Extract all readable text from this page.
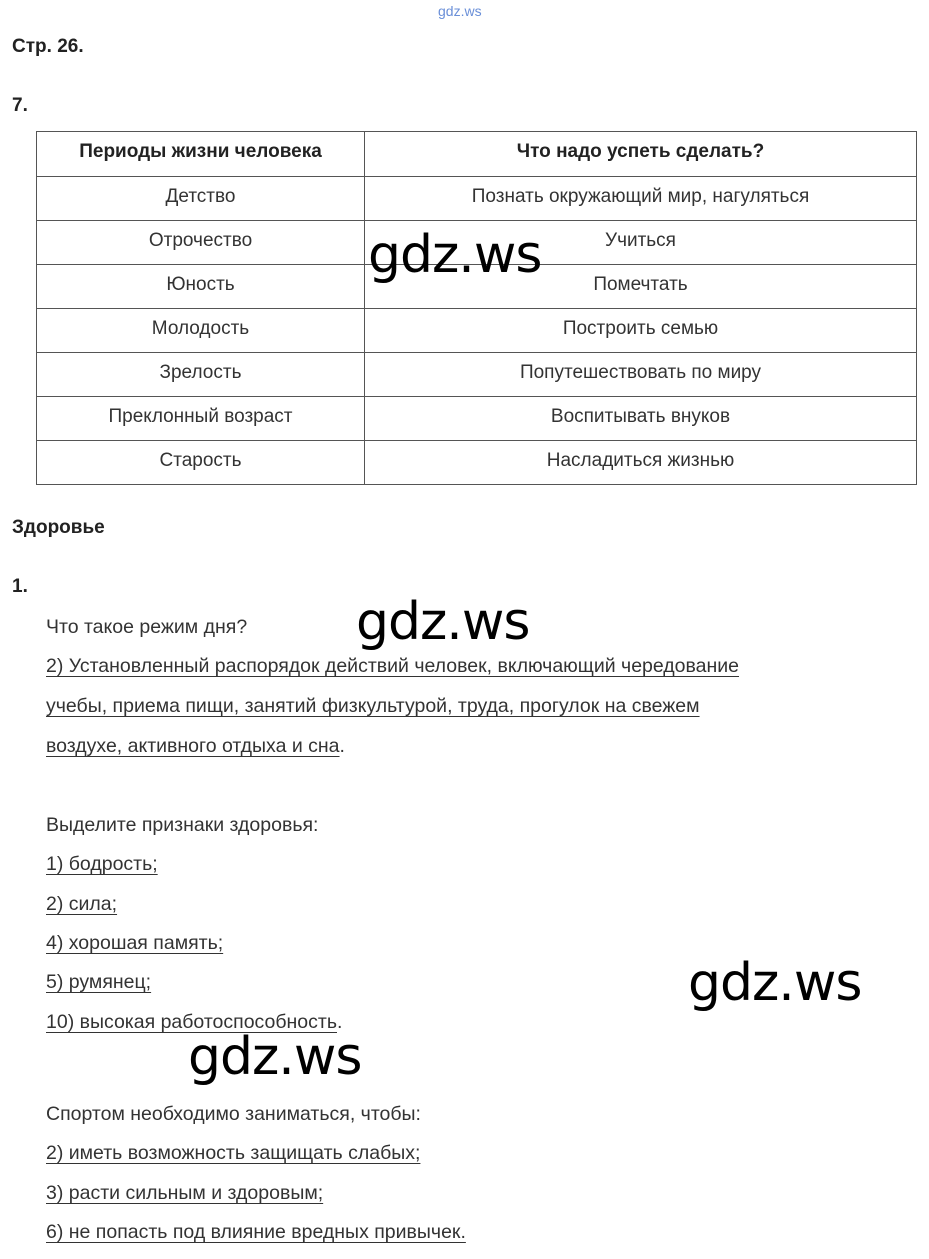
gdz.ws
Стр. 26.
7.
Периоды жизни человека	Что надо успеть сделать?
Детство	Познать окружающий мир, нагуляться
Отрочество	Учиться
Юность	Помечтать
Молодость	Построить семью
Зрелость	Попутешествовать по миру
Преклонный возраст	Воспитывать внуков
Старость	Насладиться жизнью
Здоровье
1.
Что такое режим дня?
2) Установленный распорядок действий человек, включающий чередование
учебы, приема пищи, занятий физкультурой, труда, прогулок на свежем
воздухе, активного отдыха и сна.
Выделите признаки здоровья:
1) бодрость;
2) сила;
4) хорошая память;
5) румянец;
10) высокая работоспособность.
Спортом необходимо заниматься, чтобы:
2) иметь возможность защищать слабых;
3) расти сильным и здоровым;
6) не попасть под влияние вредных привычек.
gdz.ws
gdz.ws
gdz.ws
gdz.ws
